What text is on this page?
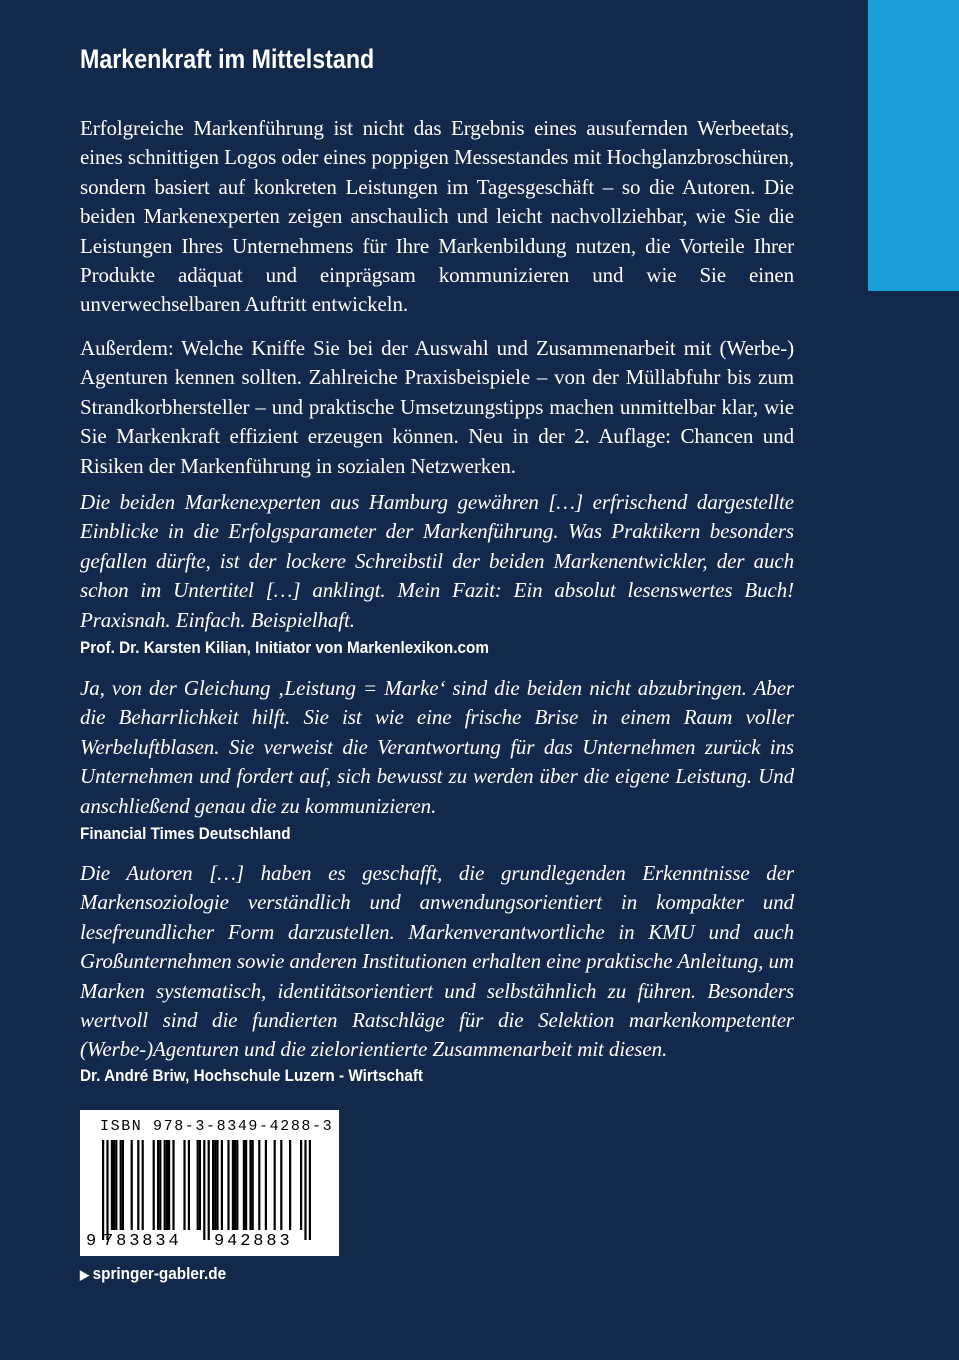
Markenkraft im Mittelstand

Erfolgreiche Markenführung ist nicht das Ergebnis eines ausufernden Werbeetats, eines schnittigen Logos oder eines poppigen Messestandes mit Hochglanzbroschüren, sondern basiert auf konkreten Leistungen im Tagesgeschäft – so die Autoren. Die beiden Markenexperten zeigen anschaulich und leicht nachvollziehbar, wie Sie die Leistungen Ihres Unternehmens für Ihre Markenbildung nutzen, die Vorteile Ihrer Produkte adäquat und einprägsam kommunizieren und wie Sie einen unverwechselbaren Auftritt entwickeln.

Außerdem: Welche Kniffe Sie bei der Auswahl und Zusammenarbeit mit (Werbe-) Agenturen kennen sollten. Zahlreiche Praxisbeispiele – von der Müllabfuhr bis zum Strandkorbhersteller – und praktische Umsetzungstipps machen unmittelbar klar, wie Sie Markenkraft effizient erzeugen können. Neu in der 2. Auflage: Chancen und Risiken der Markenführung in sozialen Netzwerken.

Die beiden Markenexperten aus Hamburg gewähren […] erfrischend dargestellte Einblicke in die Erfolgsparameter der Markenführung. Was Praktikern besonders gefallen dürfte, ist der lockere Schreibstil der beiden Markenentwickler, der auch schon im Untertitel […] anklingt. Mein Fazit: Ein absolut lesenswertes Buch! Praxisnah. Einfach. Beispielhaft.

Prof. Dr. Karsten Kilian, Initiator von Markenlexikon.com

Ja, von der Gleichung ‚Leistung = Marke‘ sind die beiden nicht abzubringen. Aber die Beharrlichkeit hilft. Sie ist wie eine frische Brise in einem Raum voller Werbeluftblasen. Sie verweist die Verantwortung für das Unternehmen zurück ins Unternehmen und fordert auf, sich bewusst zu werden über die eigene Leistung. Und anschließend genau die zu kommunizieren.

Financial Times Deutschland

Die Autoren […] haben es geschafft, die grundlegenden Erkenntnisse der Markensoziologie verständlich und anwendungsorientiert in kompakter und lesefreundlicher Form darzustellen. Markenverantwortliche in KMU und auch Großunternehmen sowie anderen Institutionen erhalten eine praktische Anleitung, um Marken systematisch, identitätsorientiert und selbstähnlich zu führen. Besonders wertvoll sind die fundierten Ratschläge für die Selektion markenkompetenter (Werbe-)Agenturen und die zielorientierte Zusammenarbeit mit diesen.

Dr. André Briw, Hochschule Luzern - Wirtschaft

ISBN 978-3-8349-4288-3
9 783834 942883
▶ springer-gabler.de
